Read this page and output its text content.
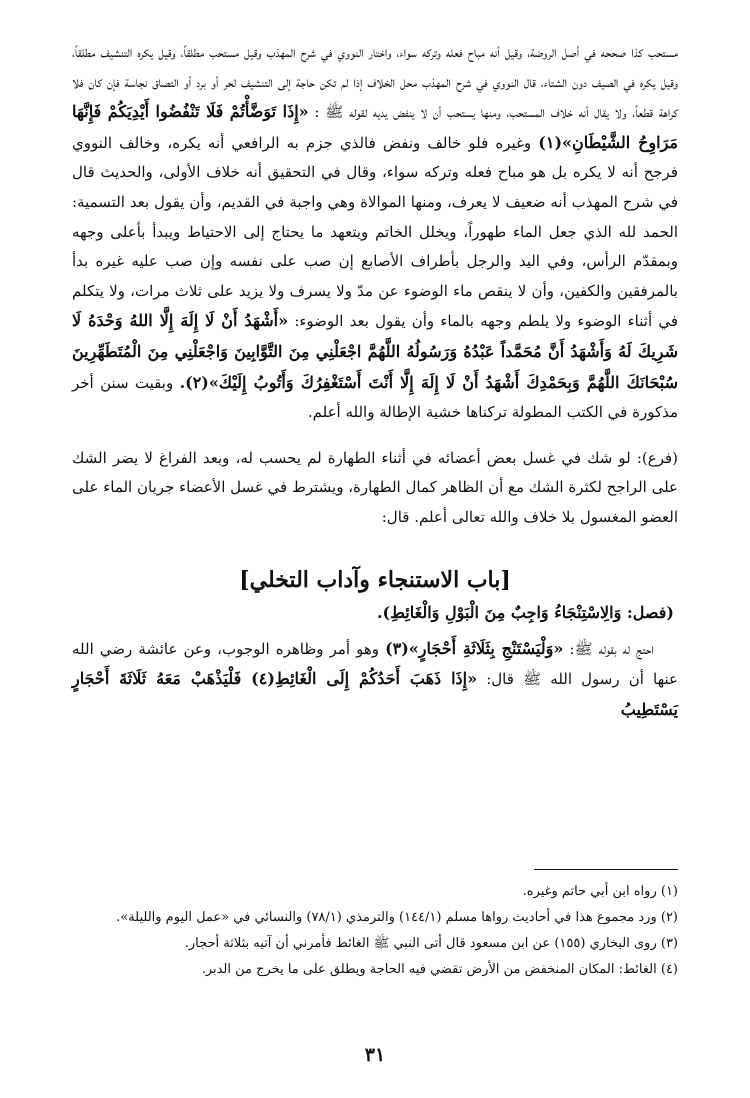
مستحب كذا صححه في أصل الروضة، وقيل أنه مباح فعله وتركه سواء، واختار النووي في شرح المهذب وقيل مستحب مطلقاً، وقيل يكره التنشيف مطلقاً، وقيل يكره في الصيف دون الشتاء، قال النووي في شرح المهذب محل الخلاف إذا لم تكن حاجة إلى التنشيف لحر أو برد أو التصاق نجاسة فإن كان فلا كراهة قطعاً، ولا يقال أنه خلاف المستحب، ومنها يستحب أن لا ينفض يديه لقوله ﷺ : «إِذَا تَوَضَّأْتُمْ فَلَا تَنْفُضُوا أَيْدِيَكُمْ فَإِنَّهَا مَرَاوِحُ الشَّيْطَانِ»(١) وغيره فلو خالف ونفض فالذي جزم به الرافعي أنه يكره، وخالف النووي فرجح أنه لا يكره بل هو مباح فعله وتركه سواء، وقال في التحقيق أنه خلاف الأولى، والحديث قال في شرح المهذب أنه ضعيف لا يعرف، ومنها الموالاة وهي واجبة في القديم، وأن يقول بعد التسمية: الحمد لله الذي جعل الماء طهوراً، ويخلل الخاتم ويتعهد ما يحتاج إلى الاحتياط ويبدأ بأعلى وجهه وبمقدّم الرأس، وفي اليد والرجل بأطراف الأصابع إن صب على نفسه وإن صب عليه غيره بدأ بالمرفقين والكفين، وأن لا ينقص ماء الوضوء عن مدّ ولا يسرف ولا يزيد على ثلاث مرات، ولا يتكلم في أثناء الوضوء ولا يلطم وجهه بالماء وأن يقول بعد الوضوء: «أَشْهَدُ أَنْ لَا إِلَهَ إِلَّا اللهُ وَحْدَهُ لَا شَرِيكَ لَهُ وَأَشْهَدُ أَنَّ مُحَمَّداً عَبْدُهُ وَرَسُولُهُ اللَّهُمَّ اجْعَلْنِي مِنَ التَّوَّابِينَ وَاجْعَلْنِي مِنَ الْمُتَطَهِّرِينَ سُبْحَانَكَ اللَّهُمَّ وَبِحَمْدِكَ أَشْهَدُ أَنْ لَا إِلَهَ إِلَّا أَنْتَ أَسْتَغْفِرُكَ وَأَتُوبُ إِلَيْكَ»(٢). وبقيت سنن أخر مذكورة في الكتب المطولة تركناها خشية الإطالة والله أعلم.

(فرع): لو شك في غسل بعض أعضائه في أثناء الطهارة لم يحسب له، وبعد الفراغ لا يضر الشك على الراجح لكثرة الشك مع أن الظاهر كمال الطهارة، ويشترط في غسل الأعضاء جريان الماء على العضو المغسول بلا خلاف والله تعالى أعلم. قال:

[باب الاستنجاء وآداب التخلي]
(فصل: وَالِاسْتِنْجَاءُ وَاجِبٌ مِنَ الْبَوْلِ وَالْغَائِطِ).

احتج له بقوله ﷺ: «وَلْيَسْتَنْجِ بِثَلَاثَةِ أَحْجَارٍ»(٣) وهو أمر وظاهره الوجوب، وعن عائشة رضي الله عنها أن رسول الله ﷺ قال: «إِذَا ذَهَبَ أَحَدُكُمْ إِلَى الْغَائِطِ(٤) فَلْيَذْهَبْ مَعَهُ ثَلَاثَةَ أَحْجَارٍ يَسْتَطِيبُ

(١) رواه ابن أبي حاتم وغيره.

(٢) ورد مجموع هذا في أحاديث رواها مسلم (١٤٤/١) والترمذي (٧٨/١) والنسائي في «عمل اليوم والليلة».

(٣) روى البخاري (١٥٥) عن ابن مسعود قال أتى النبي ﷺ الغائط فأمرني أن آتيه بثلاثة أحجار.

(٤) الغائط: المكان المنخفض من الأرض تقضي فيه الحاجة ويطلق على ما يخرج من الدبر.

٣١
